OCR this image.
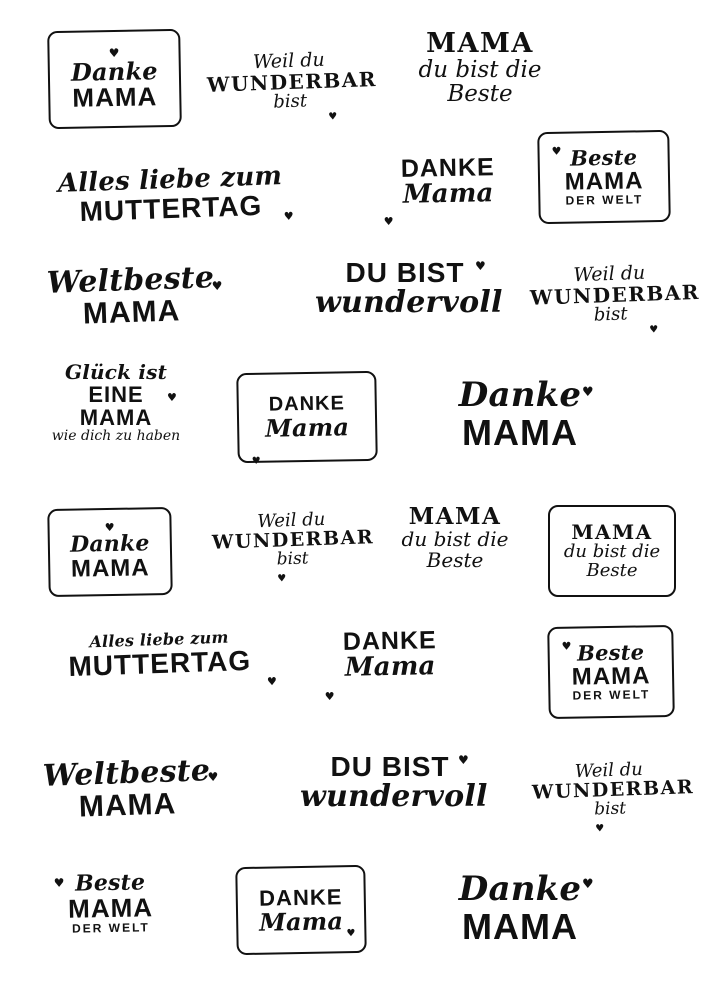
♥
Danke
MAMA
Weil du
WUNDERBAR
bist
♥
MAMA
du bist die
Beste
♥ Beste
MAMA
DER WELT
Alles liebe zum
MUTTERTAG	♥
DANKE
Mama
♥
Weltbeste
MAMA
♥	DU BIST
wundervoll
♥	Weil du
WUNDERBAR
bist
♥
Glück ist
EINE
MAMA
wie dich zu haben
♥	DANKE
Mama
♥
Danke
MAMA
♥
♥
Danke
MAMA
Weil du
WUNDERBAR
bist
♥
MAMA
du bist die
Beste
MAMA
du bist die
Beste
Alles liebe zum
MUTTERTAG	♥
DANKE
Mama
♥
♥ Beste
MAMA
DER WELT
Weltbeste
MAMA
♥	DU BIST
wundervoll
♥	Weil du
WUNDERBAR
bist
♥
Beste
MAMA
DER WELT
♥
DANKE
Mama ♥
Danke
MAMA
♥
